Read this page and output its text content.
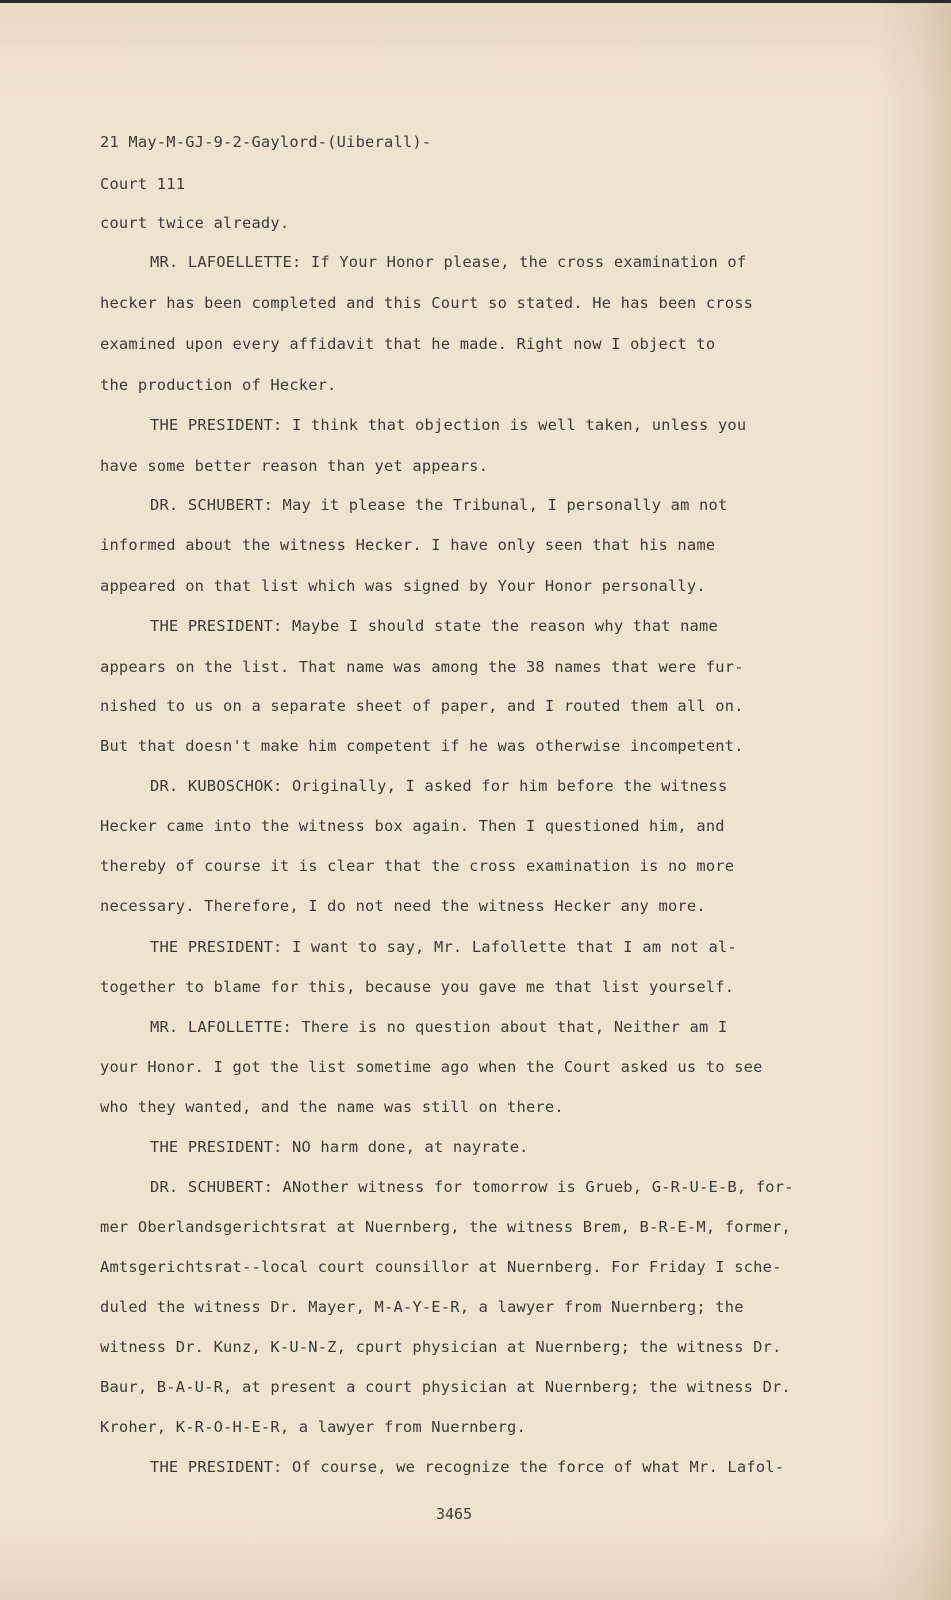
21 May-M-GJ-9-2-Gaylord-(Uiberall)-

Court 111

court twice already.

MR. LAFOELLETTE: If Your Honor please, the cross examination of

hecker has been completed and this Court so stated. He has been cross

examined upon every affidavit that he made. Right now I object to

the production of Hecker.

THE PRESIDENT: I think that objection is well taken, unless you

have some better reason than yet appears.

DR. SCHUBERT: May it please the Tribunal, I personally am not

informed about the witness Hecker. I have only seen that his name

appeared on that list which was signed by Your Honor personally.

THE PRESIDENT: Maybe I should state the reason why that name

appears on the list. That name was among the 38 names that were fur-

nished to us on a separate sheet of paper, and I routed them all on.

But that doesn't make him competent if he was otherwise incompetent.

DR. KUBOSCHOK: Originally, I asked for him before the witness

Hecker came into the witness box again. Then I questioned him, and

thereby of course it is clear that the cross examination is no more

necessary. Therefore, I do not need the witness Hecker any more.

THE PRESIDENT: I want to say, Mr. Lafollette that I am not al-

together to blame for this, because you gave me that list yourself.

MR. LAFOLLETTE: There is no question about that, Neither am I

your Honor. I got the list sometime ago when the Court asked us to see

who they wanted, and the name was still on there.

THE PRESIDENT: NO harm done, at nayrate.

DR. SCHUBERT: ANother witness for tomorrow is Grueb, G-R-U-E-B, for-

mer Oberlandsgerichtsrat at Nuernberg, the witness Brem, B-R-E-M, former,

Amtsgerichtsrat--local court counsillor at Nuernberg. For Friday I sche-

duled the witness Dr. Mayer, M-A-Y-E-R, a lawyer from Nuernberg; the

witness Dr. Kunz, K-U-N-Z, cpurt physician at Nuernberg; the witness Dr.

Baur, B-A-U-R, at present a court physician at Nuernberg; the witness Dr.

Kroher, K-R-O-H-E-R, a lawyer from Nuernberg.

THE PRESIDENT: Of course, we recognize the force of what Mr. Lafol-

3465
